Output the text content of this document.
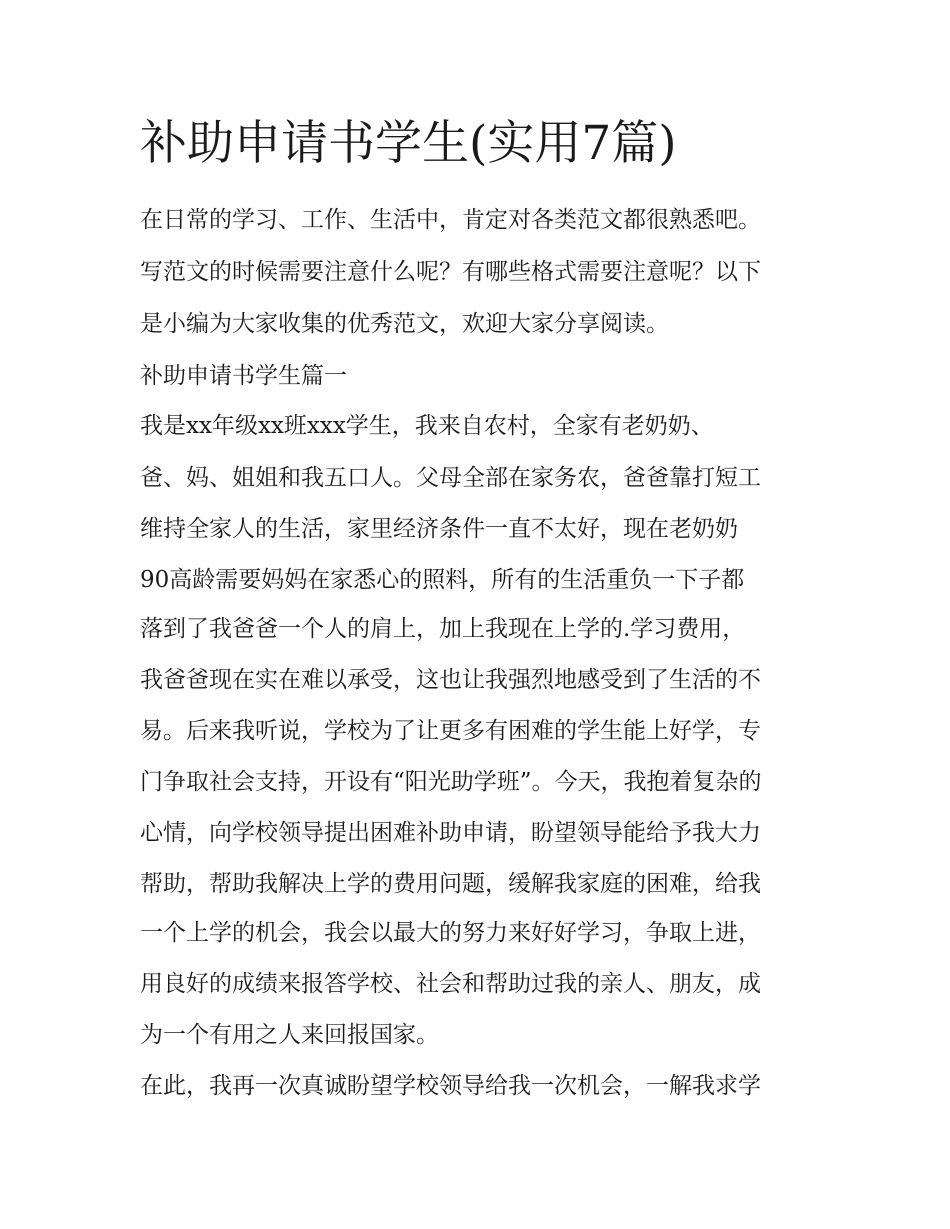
补助申请书学生(实用7篇)

在日常的学习、工作、生活中，肯定对各类范文都很熟悉吧。

写范文的时候需要注意什么呢？有哪些格式需要注意呢？以下

是小编为大家收集的优秀范文，欢迎大家分享阅读。

补助申请书学生篇一

我是xx年级xx班xxx学生，我来自农村，全家有老奶奶、

爸、妈、姐姐和我五口人。父母全部在家务农，爸爸靠打短工

维持全家人的生活，家里经济条件一直不太好，现在老奶奶

90高龄需要妈妈在家悉心的照料，所有的生活重负一下子都

落到了我爸爸一个人的肩上，加上我现在上学的.学习费用，

我爸爸现在实在难以承受，这也让我强烈地感受到了生活的不

易。后来我听说，学校为了让更多有困难的学生能上好学，专

门争取社会支持，开设有“阳光助学班”。今天，我抱着复杂的

心情，向学校领导提出困难补助申请，盼望领导能给予我大力

帮助，帮助我解决上学的费用问题，缓解我家庭的困难，给我

一个上学的机会，我会以最大的努力来好好学习，争取上进，

用良好的成绩来报答学校、社会和帮助过我的亲人、朋友，成

为一个有用之人来回报国家。

在此，我再一次真诚盼望学校领导给我一次机会，一解我求学
